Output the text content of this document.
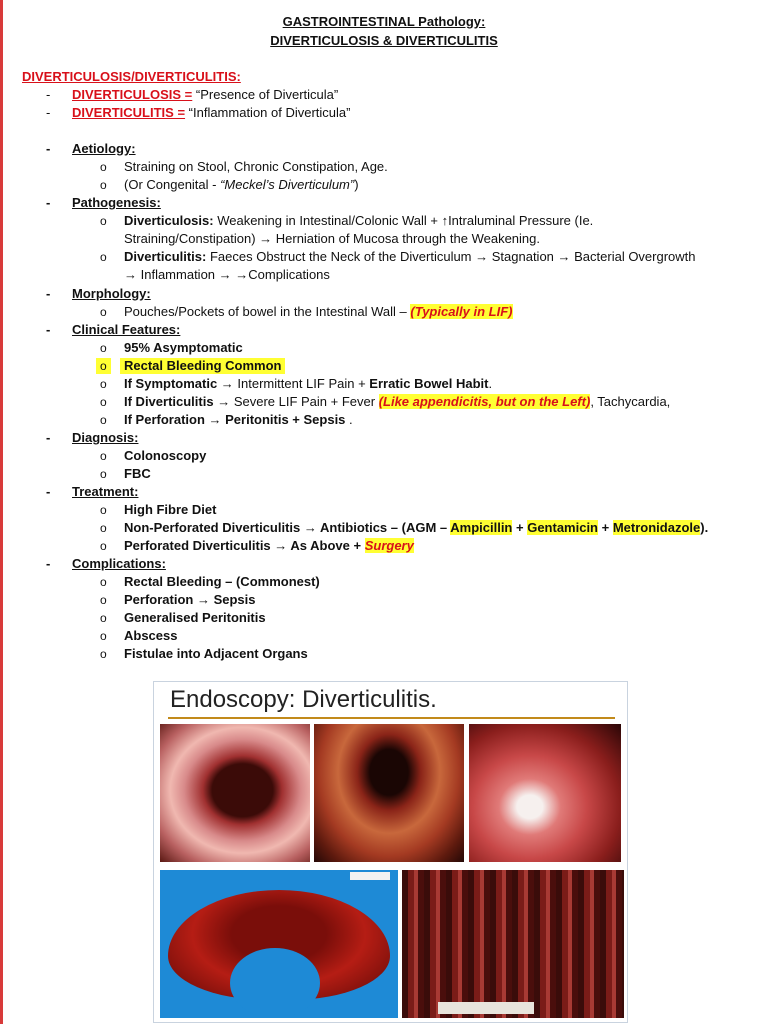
GASTROINTESTINAL Pathology:
DIVERTICULOSIS & DIVERTICULITIS
DIVERTICULOSIS/DIVERTICULITIS:
- DIVERTICULOSIS = “Presence of Diverticula”
- DIVERTICULITIS = “Inflammation of Diverticula”
- Aetiology:
o Straining on Stool, Chronic Constipation, Age.
o (Or Congenital - “Meckel’s Diverticulum”)
- Pathogenesis:
o Diverticulosis: Weakening in Intestinal/Colonic Wall + ↑Intraluminal Pressure (Ie.
Straining/Constipation) → Herniation of Mucosa through the Weakening.
o Diverticulitis: Faeces Obstruct the Neck of the Diverticulum → Stagnation → Bacterial Overgrowth
→ Inflammation → →Complications
- Morphology:
o Pouches/Pockets of bowel in the Intestinal Wall – (Typically in LIF)
- Clinical Features:
o 95% Asymptomatic
o	Rectal Bleeding Common
o If Symptomatic → Intermittent LIF Pain + Erratic Bowel Habit.
o If Diverticulitis → Severe LIF Pain + Fever (Like appendicitis, but on the Left), Tachycardia,
o If Perforation → Peritonitis + Sepsis .
- Diagnosis:
o Colonoscopy
o FBC
- Treatment:
o High Fibre Diet
o Non-Perforated Diverticulitis → Antibiotics – (AGM – Ampicillin + Gentamicin + Metronidazole).
o Perforated Diverticulitis → As Above + Surgery
- Complications:
o Rectal Bleeding – (Commonest)
o Perforation → Sepsis
o Generalised Peritonitis
o Abscess
o Fistulae into Adjacent Organs
Endoscopy: Diverticulitis.
